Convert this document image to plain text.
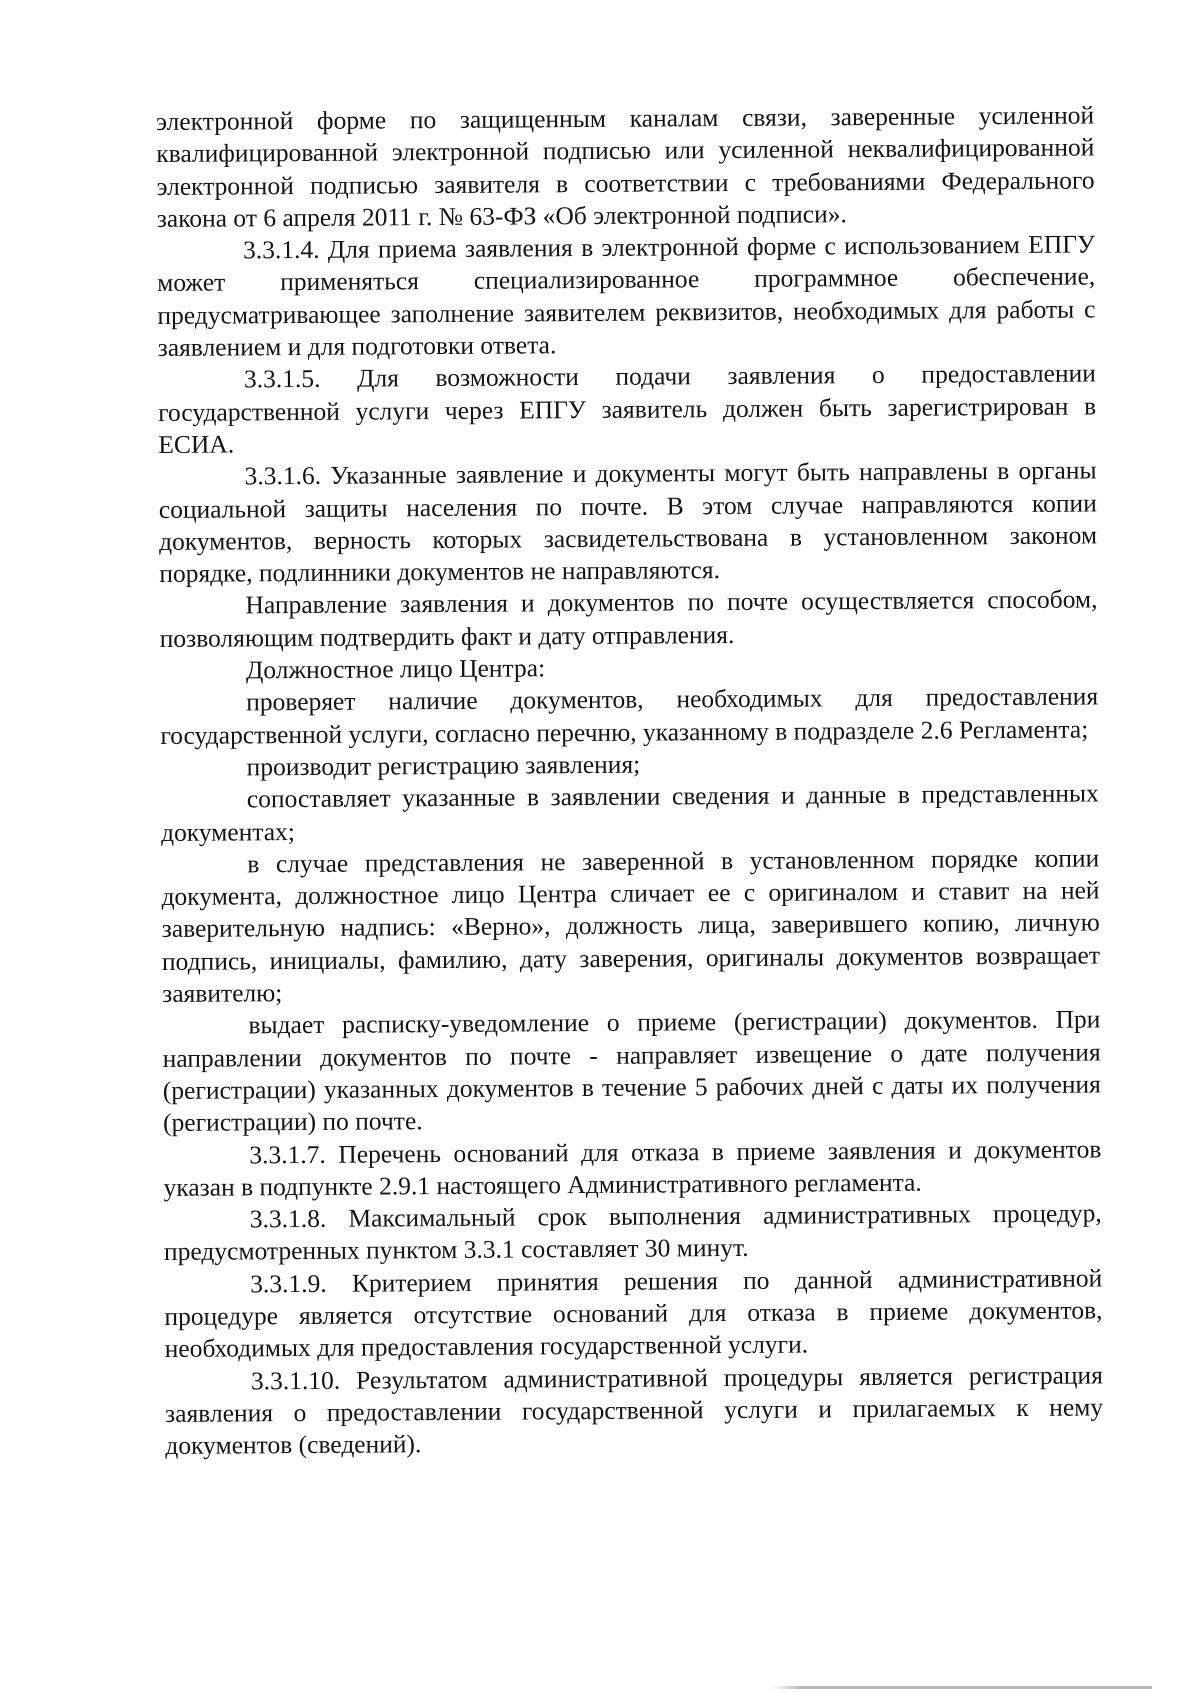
электронной форме по защищенным каналам связи, заверенные усиленной квалифицированной электронной подписью или усиленной неквалифицированной электронной подписью заявителя в соответствии с требованиями Федерального закона от 6 апреля 2011 г. № 63-ФЗ «Об электронной подписи».

3.3.1.4. Для приема заявления в электронной форме с использованием ЕПГУ может применяться специализированное программное обеспечение, предусматривающее заполнение заявителем реквизитов, необходимых для работы с заявлением и для подготовки ответа.

3.3.1.5. Для возможности подачи заявления о предоставлении государственной услуги через ЕПГУ заявитель должен быть зарегистрирован в ЕСИА.

3.3.1.6. Указанные заявление и документы могут быть направлены в органы социальной защиты населения по почте. В этом случае направляются копии документов, верность которых засвидетельствована в установленном законом порядке, подлинники документов не направляются.

Направление заявления и документов по почте осуществляется способом, позволяющим подтвердить факт и дату отправления.

Должностное лицо Центра:

проверяет наличие документов, необходимых для предоставления государственной услуги, согласно перечню, указанному в подразделе 2.6 Регламента;

производит регистрацию заявления;

сопоставляет указанные в заявлении сведения и данные в представленных документах;

в случае представления не заверенной в установленном порядке копии документа, должностное лицо Центра сличает ее с оригиналом и ставит на ней заверительную надпись: «Верно», должность лица, заверившего копию, личную подпись, инициалы, фамилию, дату заверения, оригиналы документов возвращает заявителю;

выдает расписку-уведомление о приеме (регистрации) документов. При направлении документов по почте - направляет извещение о дате получения (регистрации) указанных документов в течение 5 рабочих дней с даты их получения (регистрации) по почте.

3.3.1.7. Перечень оснований для отказа в приеме заявления и документов указан в подпункте 2.9.1 настоящего Административного регламента.

3.3.1.8. Максимальный срок выполнения административных процедур, предусмотренных пунктом 3.3.1 составляет 30 минут.

3.3.1.9. Критерием принятия решения по данной административной процедуре является отсутствие оснований для отказа в приеме документов, необходимых для предоставления государственной услуги.

3.3.1.10. Результатом административной процедуры является регистрация заявления о предоставлении государственной услуги и прилагаемых к нему документов (сведений).
